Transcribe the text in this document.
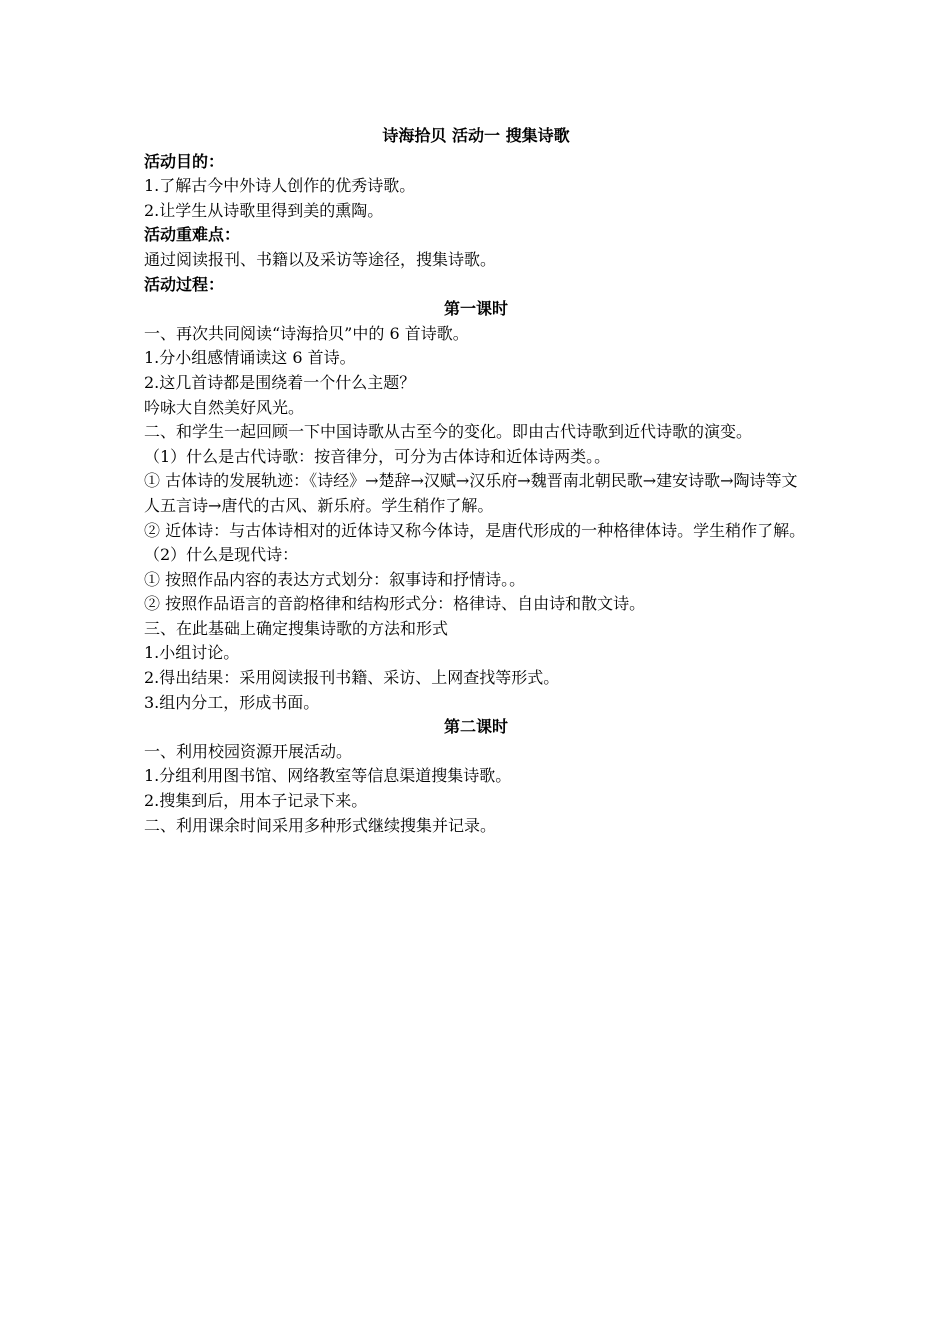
诗海拾贝 活动一 搜集诗歌

活动目的：

1.了解古今中外诗人创作的优秀诗歌。

2.让学生从诗歌里得到美的熏陶。

活动重难点：

通过阅读报刊、书籍以及采访等途径，搜集诗歌。

活动过程：

第一课时

一、再次共同阅读“诗海拾贝”中的 6 首诗歌。

1.分小组感情诵读这 6 首诗。

2.这几首诗都是围绕着一个什么主题？

吟咏大自然美好风光。

二、和学生一起回顾一下中国诗歌从古至今的变化。即由古代诗歌到近代诗歌的演变。

（1）什么是古代诗歌：按音律分，可分为古体诗和近体诗两类。。

① 古体诗的发展轨迹：《诗经》→楚辞→汉赋→汉乐府→魏晋南北朝民歌→建安诗歌→陶诗等文人五言诗→唐代的古风、新乐府。学生稍作了解。

② 近体诗：与古体诗相对的近体诗又称今体诗，是唐代形成的一种格律体诗。学生稍作了解。

（2）什么是现代诗：

① 按照作品内容的表达方式划分：叙事诗和抒情诗。。

② 按照作品语言的音韵格律和结构形式分：格律诗、自由诗和散文诗。

三、在此基础上确定搜集诗歌的方法和形式

1.小组讨论。

2.得出结果：采用阅读报刊书籍、采访、上网查找等形式。

3.组内分工，形成书面。

第二课时

一、利用校园资源开展活动。

1.分组利用图书馆、网络教室等信息渠道搜集诗歌。

2.搜集到后，用本子记录下来。

二、利用课余时间采用多种形式继续搜集并记录。
